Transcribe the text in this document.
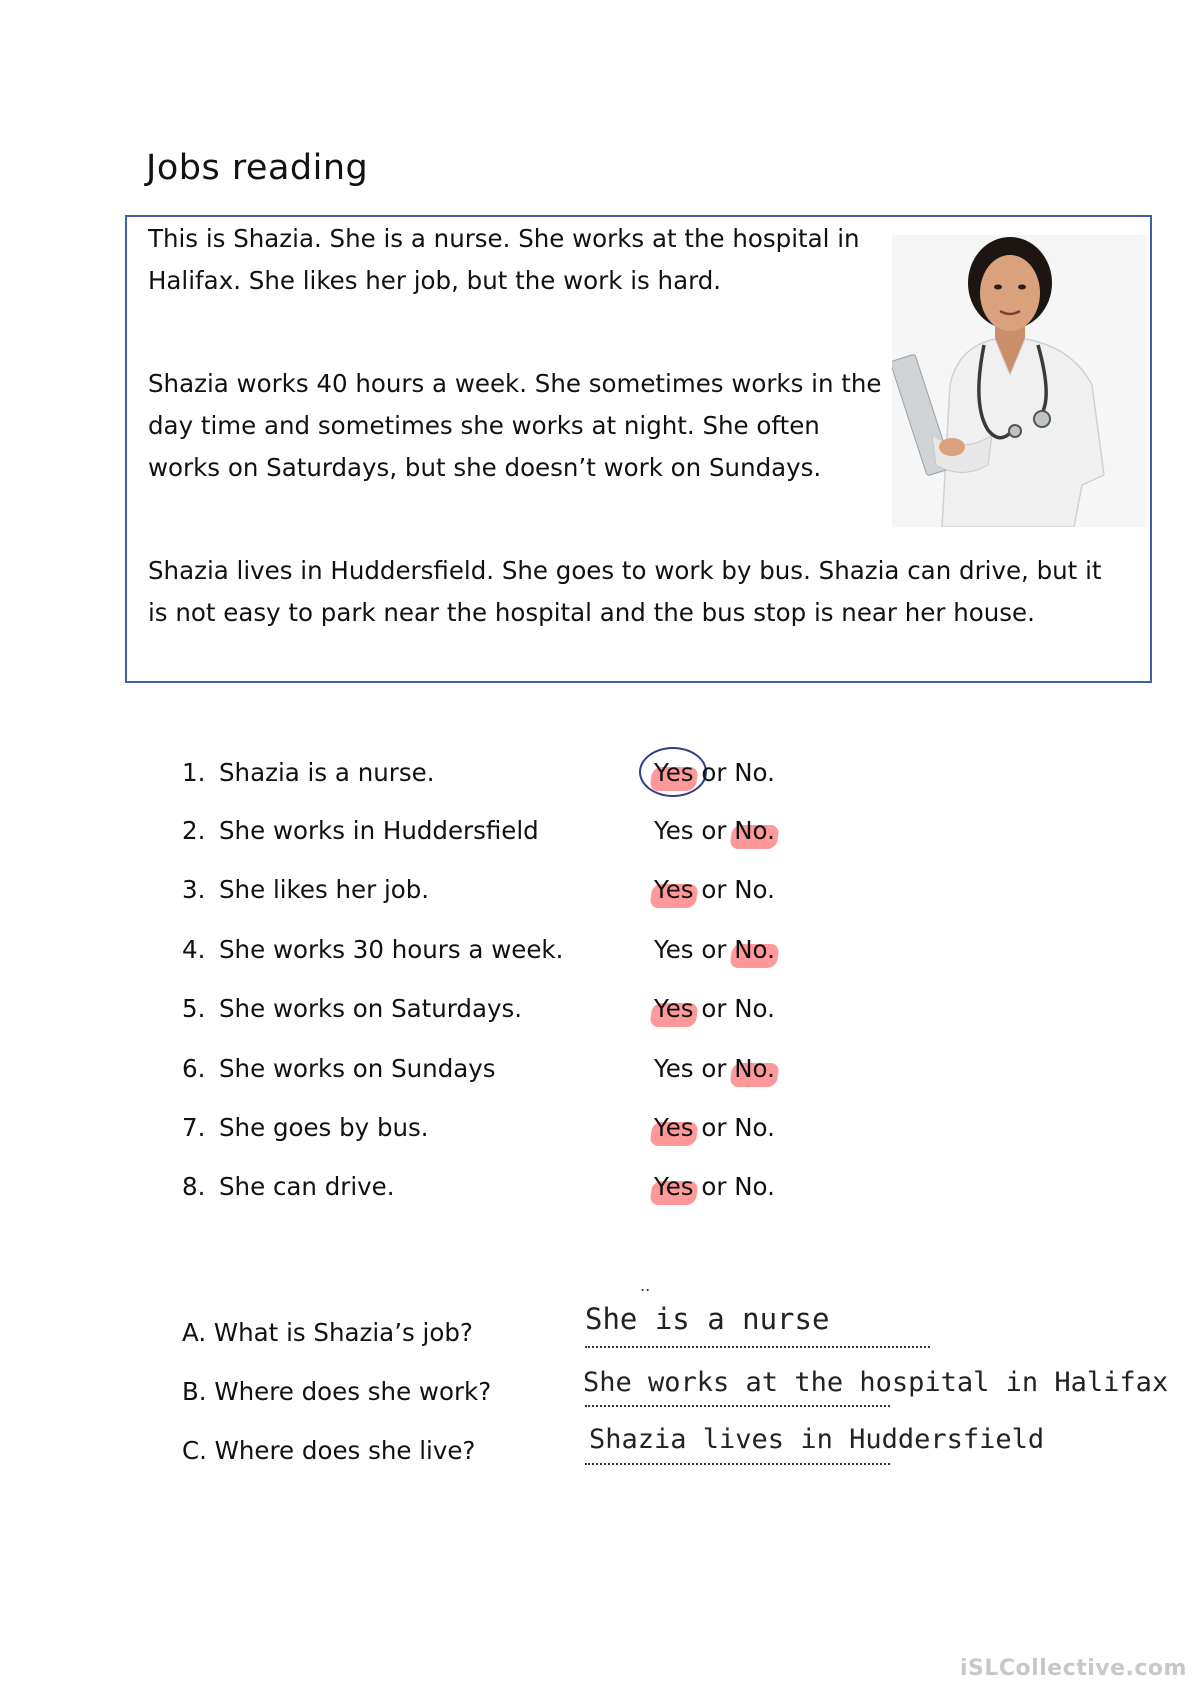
Jobs reading

This is Shazia. She is a nurse. She works at the hospital in Halifax. She likes her job, but the work is hard.

Shazia works 40 hours a week. She sometimes works in the day time and sometimes she works at night. She often works on Saturdays, but she doesn’t work on Sundays.

Shazia lives in Huddersfield. She goes to work by bus. Shazia can drive, but it is not easy to park near the hospital and the bus stop is near her house.

1. Shazia is a nurse.	Yes or No.
2. She works in Huddersfield	Yes or No.
3. She likes her job.	Yes or No.
4. She works 30 hours a week.	Yes or No.
5. She works on Saturdays.	Yes or No.
6. She works on Sundays	Yes or No.
7. She goes by bus.	Yes or No.
8. She can drive.	Yes or No.
..
A. What is Shazia’s job?	She is a nurse
B. Where does she work?	She works at the hospital in Halifax
C. Where does she live?	Shazia lives in Huddersfield
iSLCollective.com
